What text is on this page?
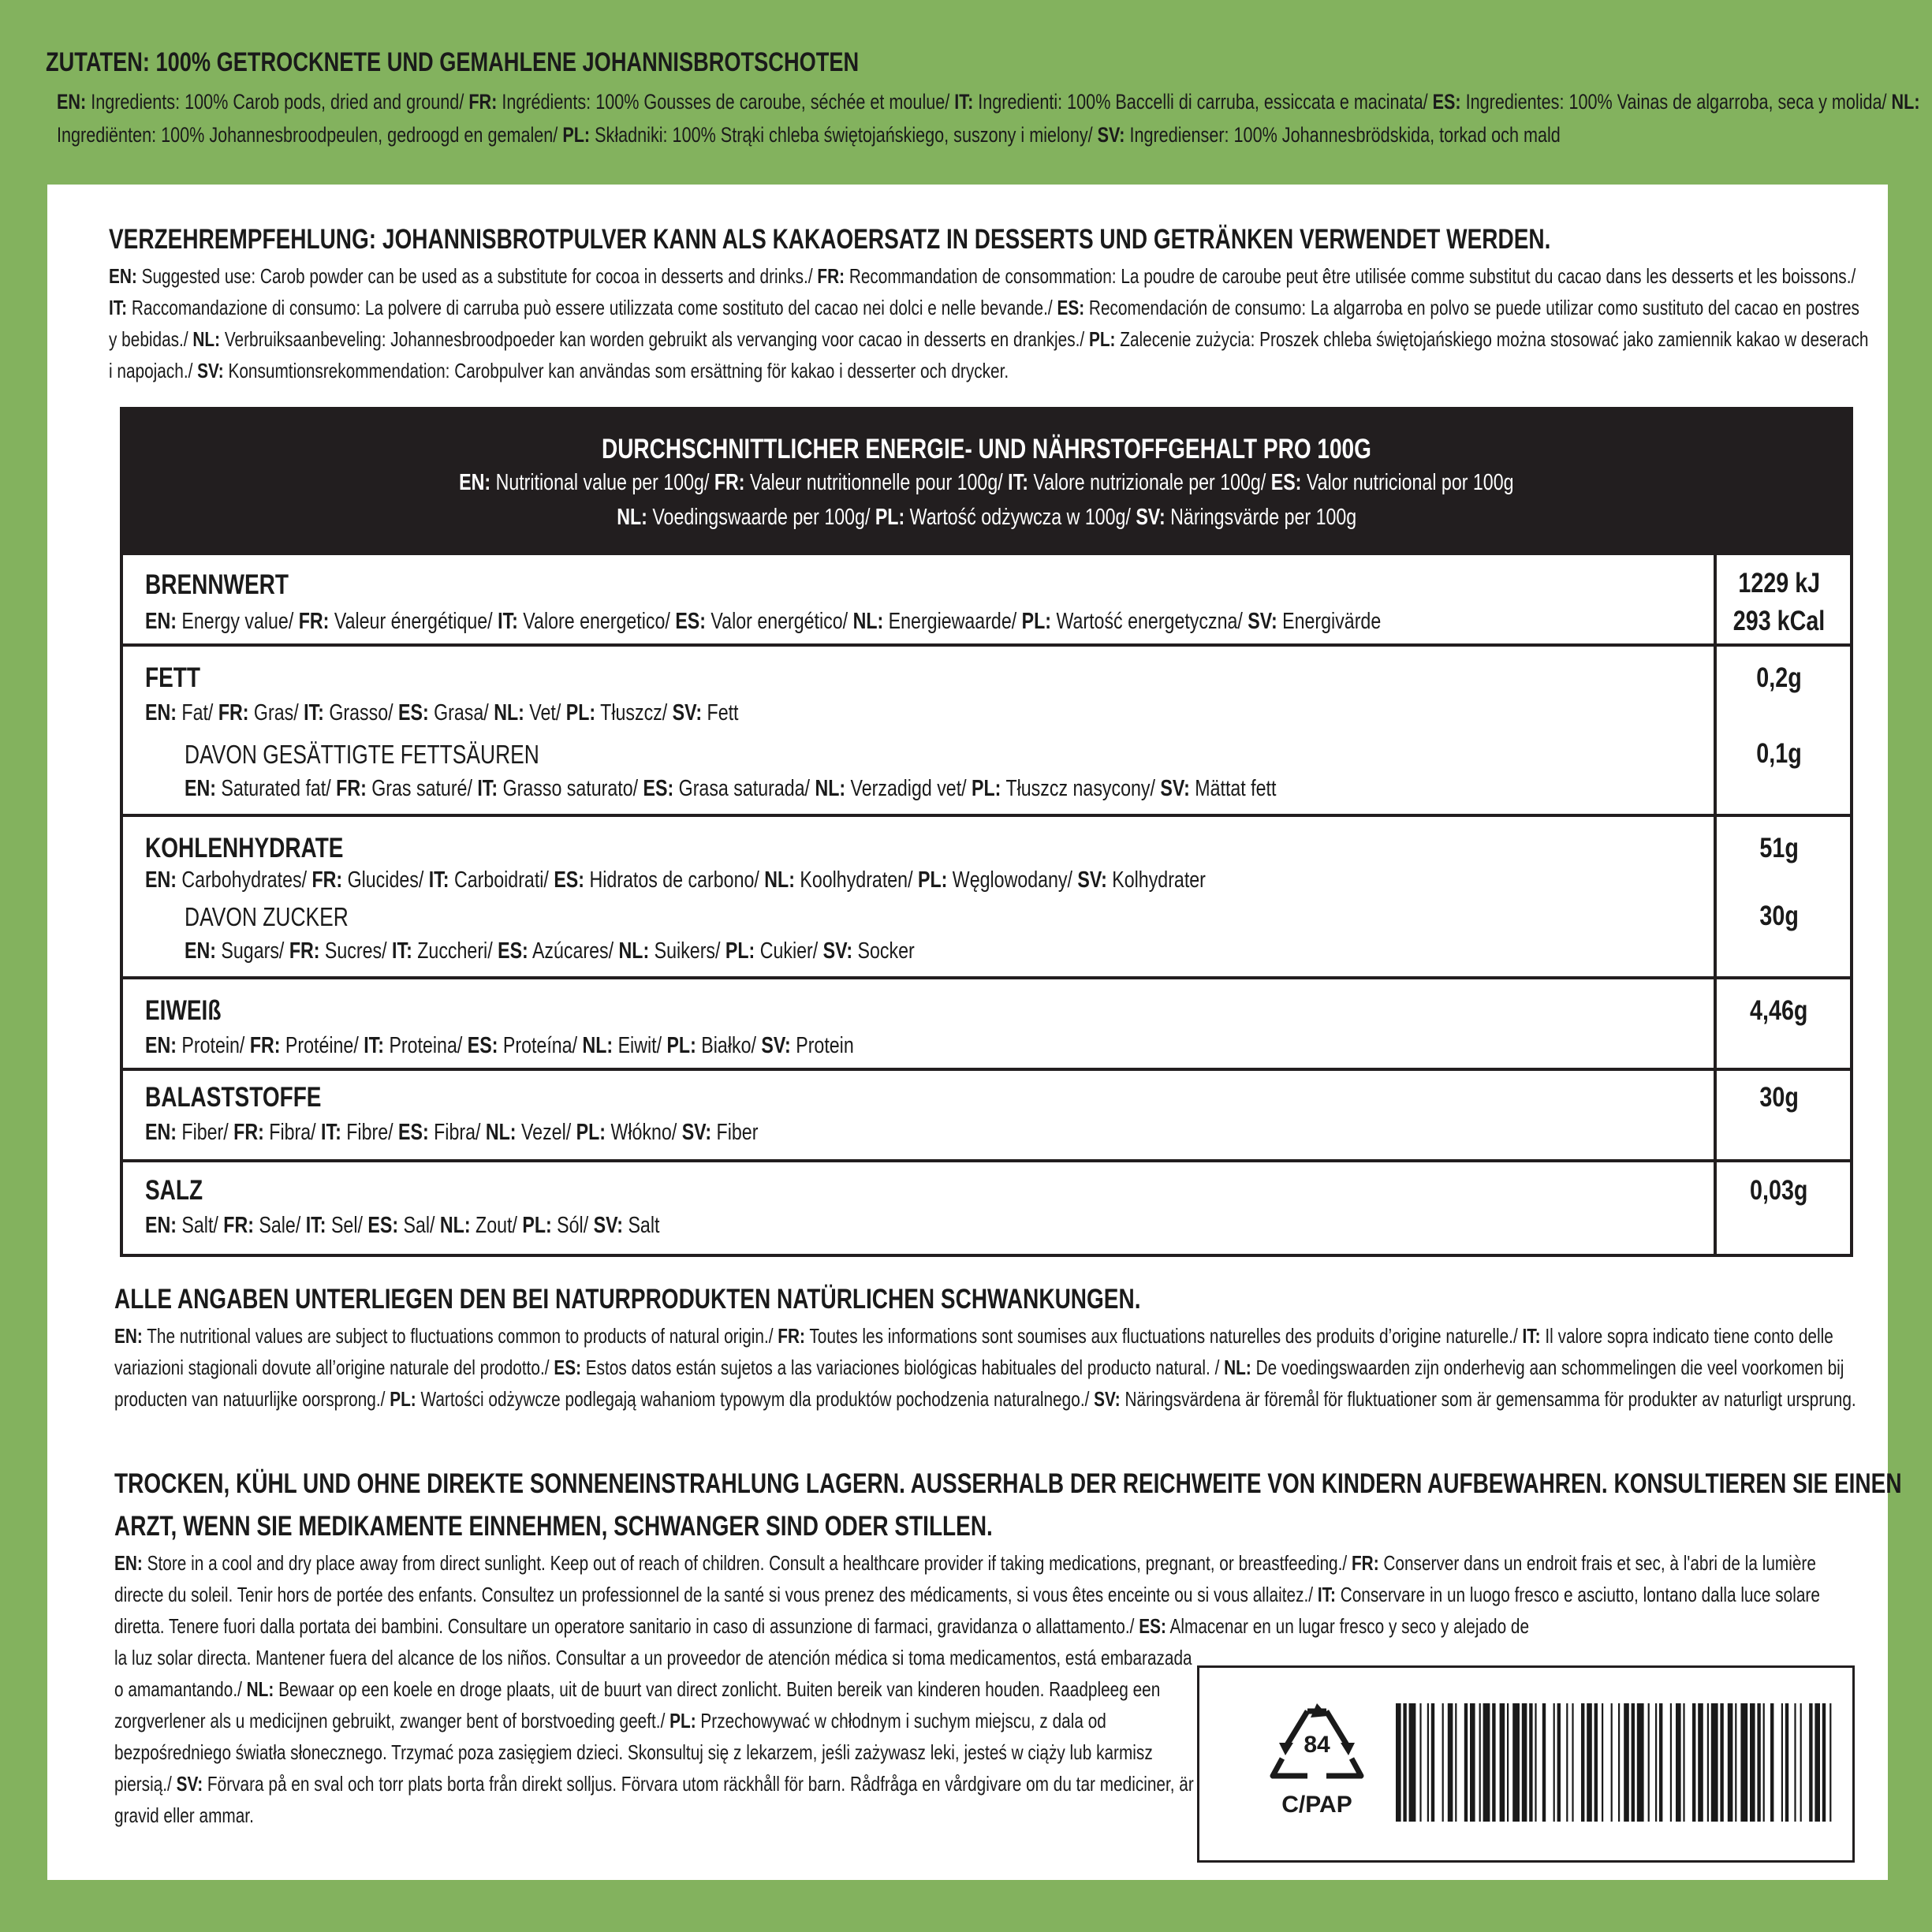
ZUTATEN: 100% GETROCKNETE UND GEMAHLENE JOHANNISBROTSCHOTEN
EN: Ingredients: 100% Carob pods, dried and ground/ FR: Ingrédients: 100% Gousses de caroube, séchée et moulue/ IT: Ingredienti: 100% Baccelli di carruba, essiccata e macinata/ ES: Ingredientes: 100% Vainas de algarroba, seca y molida/ NL: Ingrediënten: 100% Johannesbroodpeulen, gedroogd en gemalen/ PL: Składniki: 100% Strąki chleba świętojańskiego, suszony i mielony/ SV: Ingredienser: 100% Johannesbrödskida, torkad och mald
VERZEHREMPFEHLUNG: JOHANNISBROTPULVER KANN ALS KAKAOERSATZ IN DESSERTS UND GETRÄNKEN VERWENDET WERDEN.
EN: Suggested use: Carob powder can be used as a substitute for cocoa in desserts and drinks./ FR: Recommandation de consommation: La poudre de caroube peut être utilisée comme substitut du cacao dans les desserts et les boissons./ IT: Raccomandazione di consumo: La polvere di carruba può essere utilizzata come sostituto del cacao nei dolci e nelle bevande./ ES: Recomendación de consumo: La algarroba en polvo se puede utilizar como sustituto del cacao en postres y bebidas./ NL: Verbruiksaanbeveling: Johannesbroodpoeder kan worden gebruikt als vervanging voor cacao in desserts en drankjes./ PL: Zalecenie zużycia: Proszek chleba świętojańskiego można stosować jako zamiennik kakao w deserach i napojach./ SV: Konsumtionsrekommendation: Carobpulver kan användas som ersättning för kakao i desserter och drycker.
DURCHSCHNITTLICHER ENERGIE- UND NÄHRSTOFFGEHALT PRO 100G
EN: Nutritional value per 100g/ FR: Valeur nutritionnelle pour 100g/ IT: Valore nutrizionale per 100g/ ES: Valor nutricional por 100g
NL: Voedingswaarde per 100g/ PL: Wartość odżywcza w 100g/ SV: Näringsvärde per 100g
BRENNWERT
EN: Energy value/ FR: Valeur énergétique/ IT: Valore energetico/ ES: Valor energético/ NL: Energiewaarde/ PL: Wartość energetyczna/ SV: Energivärde
1229 kJ
293 kCal
FETT
EN: Fat/ FR: Gras/ IT: Grasso/ ES: Grasa/ NL: Vet/ PL: Tłuszcz/ SV: Fett
DAVON GESÄTTIGTE FETTSÄUREN
EN: Saturated fat/ FR: Gras saturé/ IT: Grasso saturato/ ES: Grasa saturada/ NL: Verzadigd vet/ PL: Tłuszcz nasycony/ SV: Mättat fett
0,2g
0,1g
KOHLENHYDRATE
EN: Carbohydrates/ FR: Glucides/ IT: Carboidrati/ ES: Hidratos de carbono/ NL: Koolhydraten/ PL: Węglowodany/ SV: Kolhydrater
DAVON ZUCKER
EN: Sugars/ FR: Sucres/ IT: Zuccheri/ ES: Azúcares/ NL: Suikers/ PL: Cukier/ SV: Socker
51g
30g
EIWEIß
EN: Protein/ FR: Protéine/ IT: Proteina/ ES: Proteína/ NL: Eiwit/ PL: Białko/ SV: Protein
4,46g
BALASTSTOFFE
EN: Fiber/ FR: Fibra/ IT: Fibre/ ES: Fibra/ NL: Vezel/ PL: Włókno/ SV: Fiber
30g
SALZ
EN: Salt/ FR: Sale/ IT: Sel/ ES: Sal/ NL: Zout/ PL: Sól/ SV: Salt
0,03g
ALLE ANGABEN UNTERLIEGEN DEN BEI NATURPRODUKTEN NATÜRLICHEN SCHWANKUNGEN.
EN: The nutritional values are subject to fluctuations common to products of natural origin./ FR: Toutes les informations sont soumises aux fluctuations naturelles des produits d’origine naturelle./ IT: Il valore sopra indicato tiene conto delle variazioni stagionali dovute all’origine naturale del prodotto./ ES: Estos datos están sujetos a las variaciones biológicas habituales del producto natural. / NL: De voedingswaarden zijn onderhevig aan schommelingen die veel voorkomen bij producten van natuurlijke oorsprong./ PL: Wartości odżywcze podlegają wahaniom typowym dla produktów pochodzenia naturalnego./ SV: Näringsvärdena är föremål för fluktuationer som är gemensamma för produkter av naturligt ursprung.
TROCKEN, KÜHL UND OHNE DIREKTE SONNENEINSTRAHLUNG LAGERN. AUSSERHALB DER REICHWEITE VON KINDERN AUFBEWAHREN. KONSULTIEREN SIE EINEN
ARZT, WENN SIE MEDIKAMENTE EINNEHMEN, SCHWANGER SIND ODER STILLEN.
EN: Store in a cool and dry place away from direct sunlight. Keep out of reach of children. Consult a healthcare provider if taking medications, pregnant, or breastfeeding./ FR: Conserver dans un endroit frais et sec, à l'abri de la lumière directe du soleil. Tenir hors de portée des enfants. Consultez un professionnel de la santé si vous prenez des médicaments, si vous êtes enceinte ou si vous allaitez./ IT: Conservare in un luogo fresco e asciutto, lontano dalla luce solare diretta. Tenere fuori dalla portata dei bambini. Consultare un operatore sanitario in caso di assunzione di farmaci, gravidanza o allattamento./ ES: Almacenar en un lugar fresco y seco y alejado de
la luz solar directa. Mantener fuera del alcance de los niños. Consultar a un proveedor de atención médica si toma medicamentos, está embarazada o amamantando./ NL: Bewaar op een koele en droge plaats, uit de buurt van direct zonlicht. Buiten bereik van kinderen houden. Raadpleeg een zorgverlener als u medicijnen gebruikt, zwanger bent of borstvoeding geeft./ PL: Przechowywać w chłodnym i suchym miejscu, z dala od bezpośredniego światła słonecznego. Trzymać poza zasięgiem dzieci. Skonsultuj się z lekarzem, jeśli zażywasz leki, jesteś w ciąży lub karmisz piersią./ SV: Förvara på en sval och torr plats borta från direkt solljus. Förvara utom räckhåll för barn. Rådfråga en vårdgivare om du tar mediciner, är gravid eller ammar.
84
C/PAP
